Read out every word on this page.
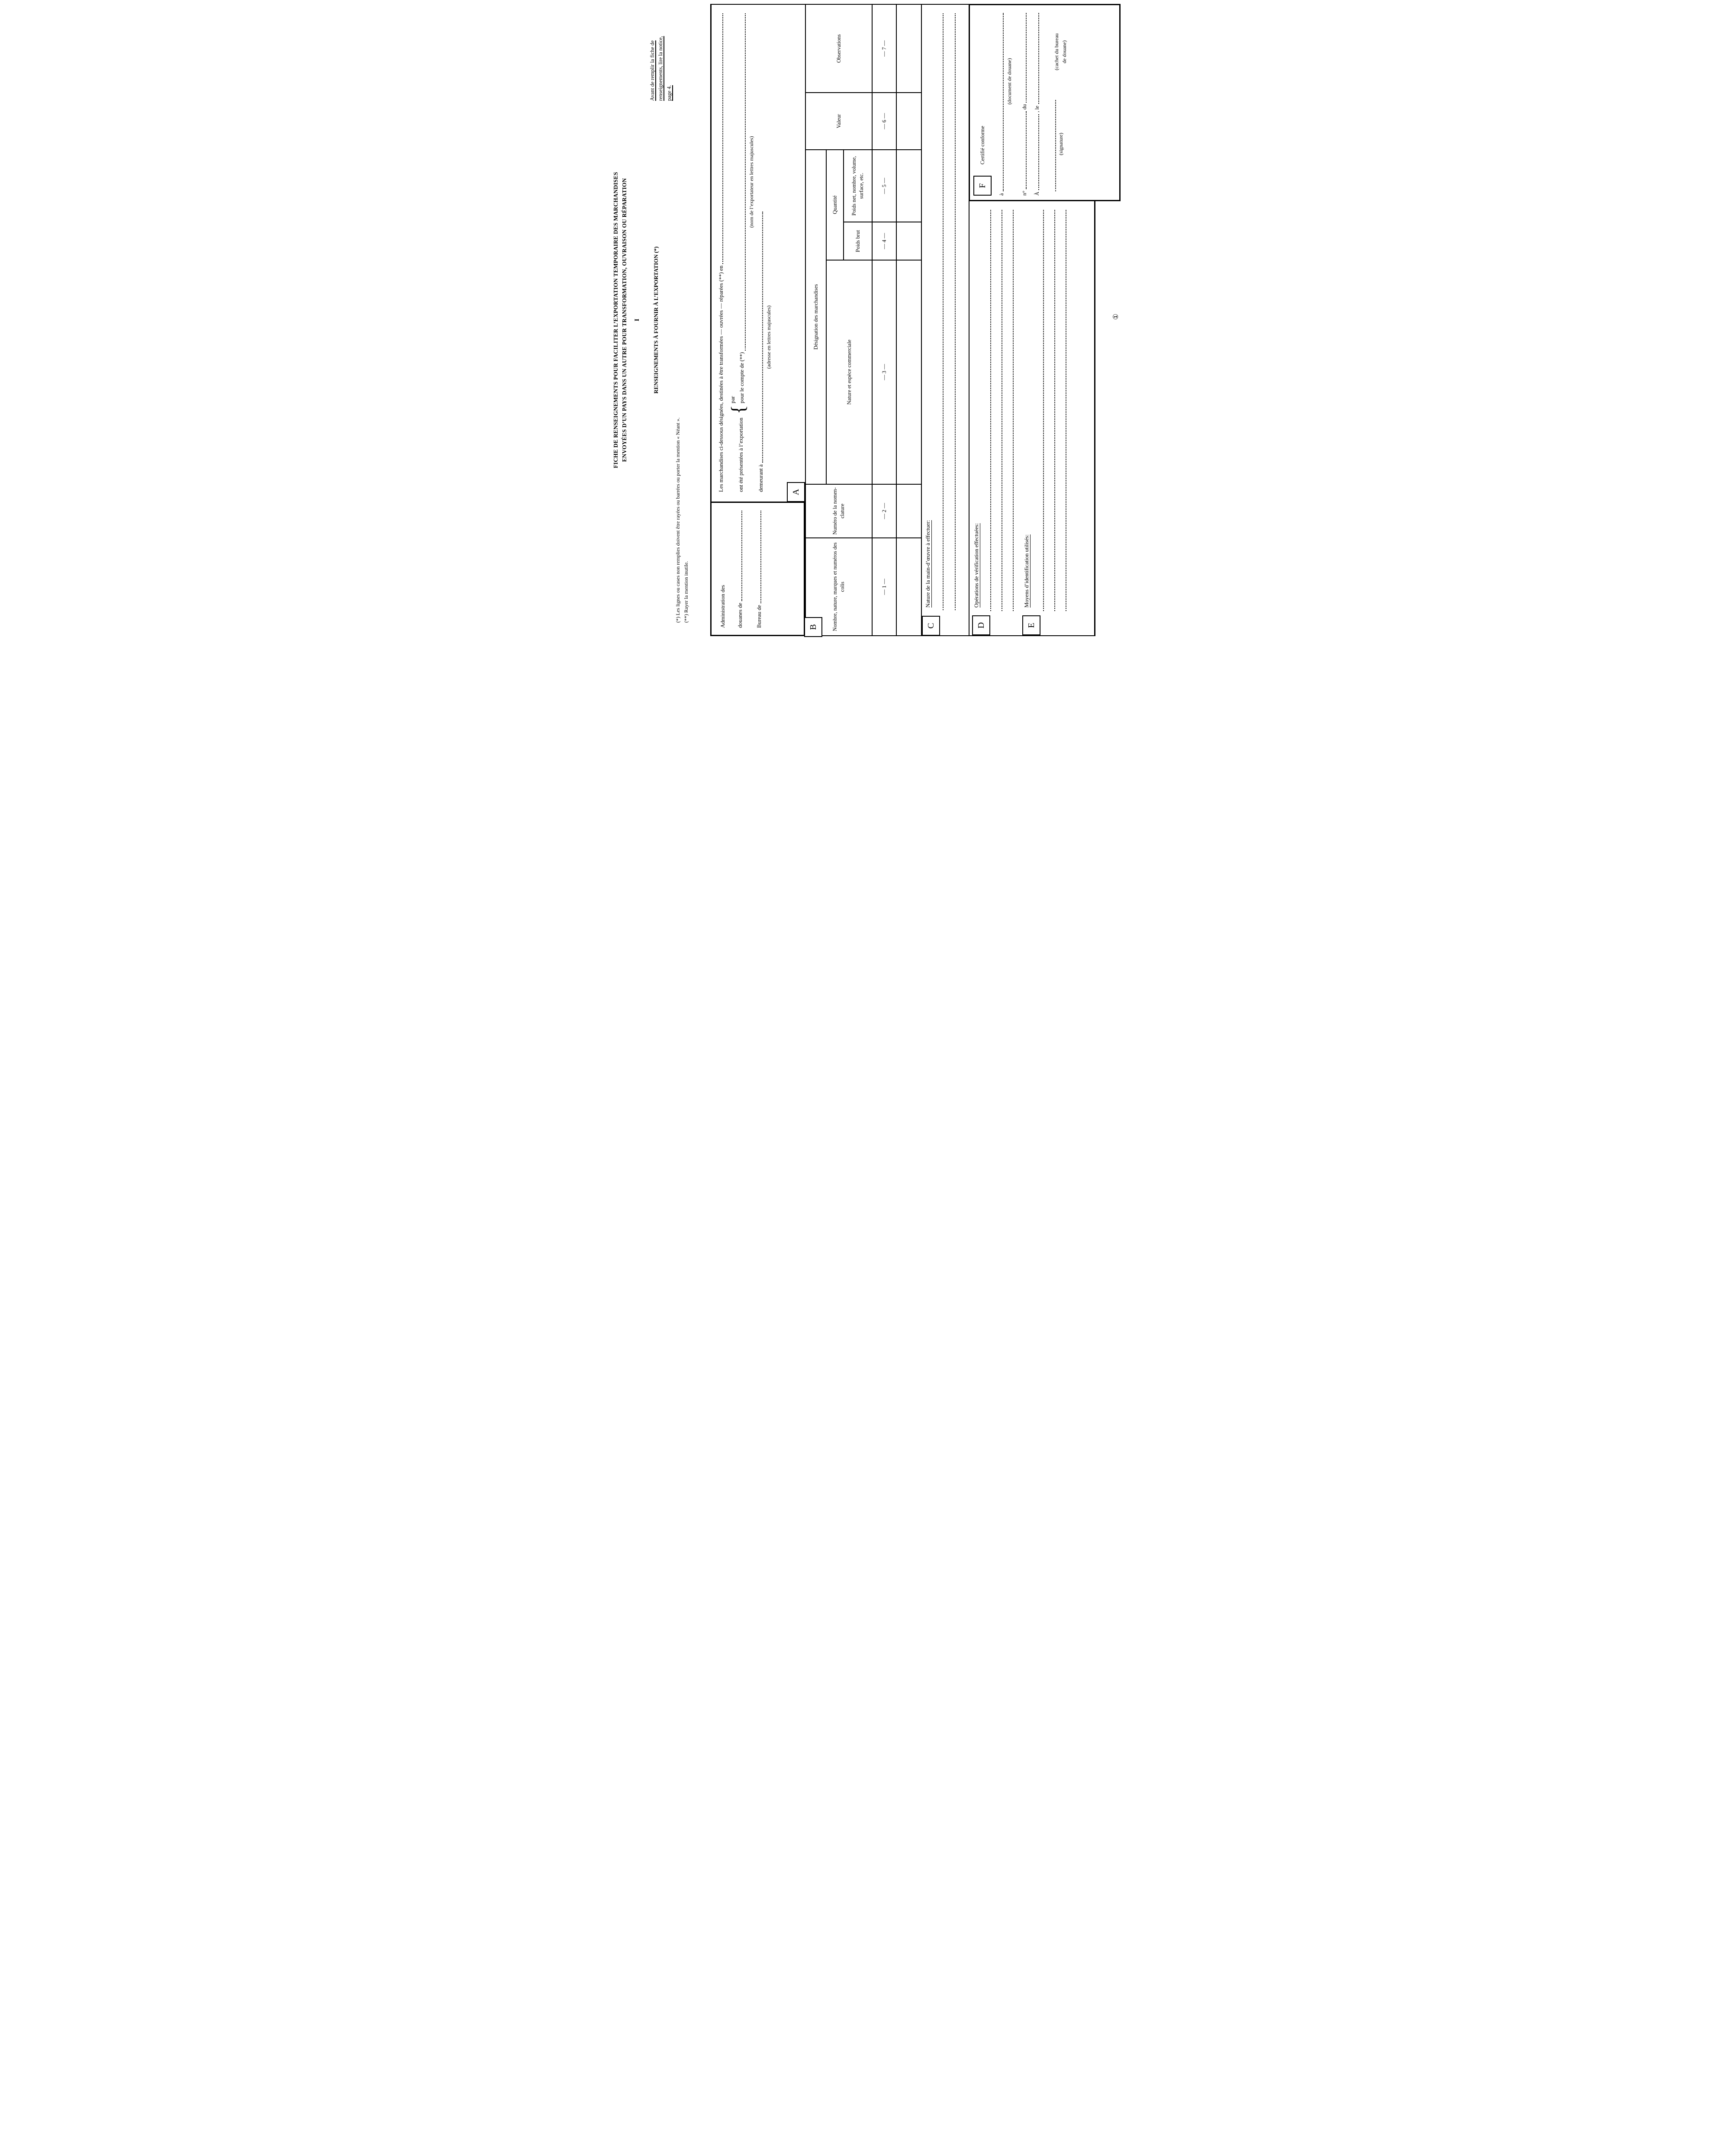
FICHE DE RENSEIGNEMENTS POUR FACILITER L’EXPORTATION TEMPORAIRE DES MARCHANDISES ENVOYÉES D’UN PAYS DANS UN AUTRE POUR TRANSFORMATION, OUVRAISON OU RÉPARATION I RENSEIGNEMENTS À FOURNIR À L’EXPORTATION (*)
Avant de remplir la fiche de renseignements, lire la notice, page 4.
(*) Les lignes ou cases non remplies doivent être rayées ou barrées ou porter la mention « Néant ». (**) Rayer la mention inutile.	Administration des douanes de Bureau de
Les marchandises ci-dessous désignées, destinées à être transformées — ouvrées — réparées (**) en ont été présentées à l’exportation
{
par pour le compte de (**)
(nom de l’exportateur en lettres majuscules)
demeurant à
(adresse en lettres majuscules)
A
B	Nombre, nature, marques et numéros des colis	Numéro de la nomen- clature	Désignation des marchandises			Valeur	Observations
		Nature et espèce commerciale	Quantité			
			Poids brut	Poids net, nombre, volume, surface, etc.		
— 1 —	— 2 —	— 3 —	— 4 —	— 5 —	— 6 —	— 7 —

C
Nature de la main-d’œuvre à effectuer:
D
Opérations de vérification effectuées:
E
Moyens d’identification utilisés:
F
Certifié conforme
à
(document de douane)
n°
du
À
, le
(signature)
(cachet du bureau de douane)
①
